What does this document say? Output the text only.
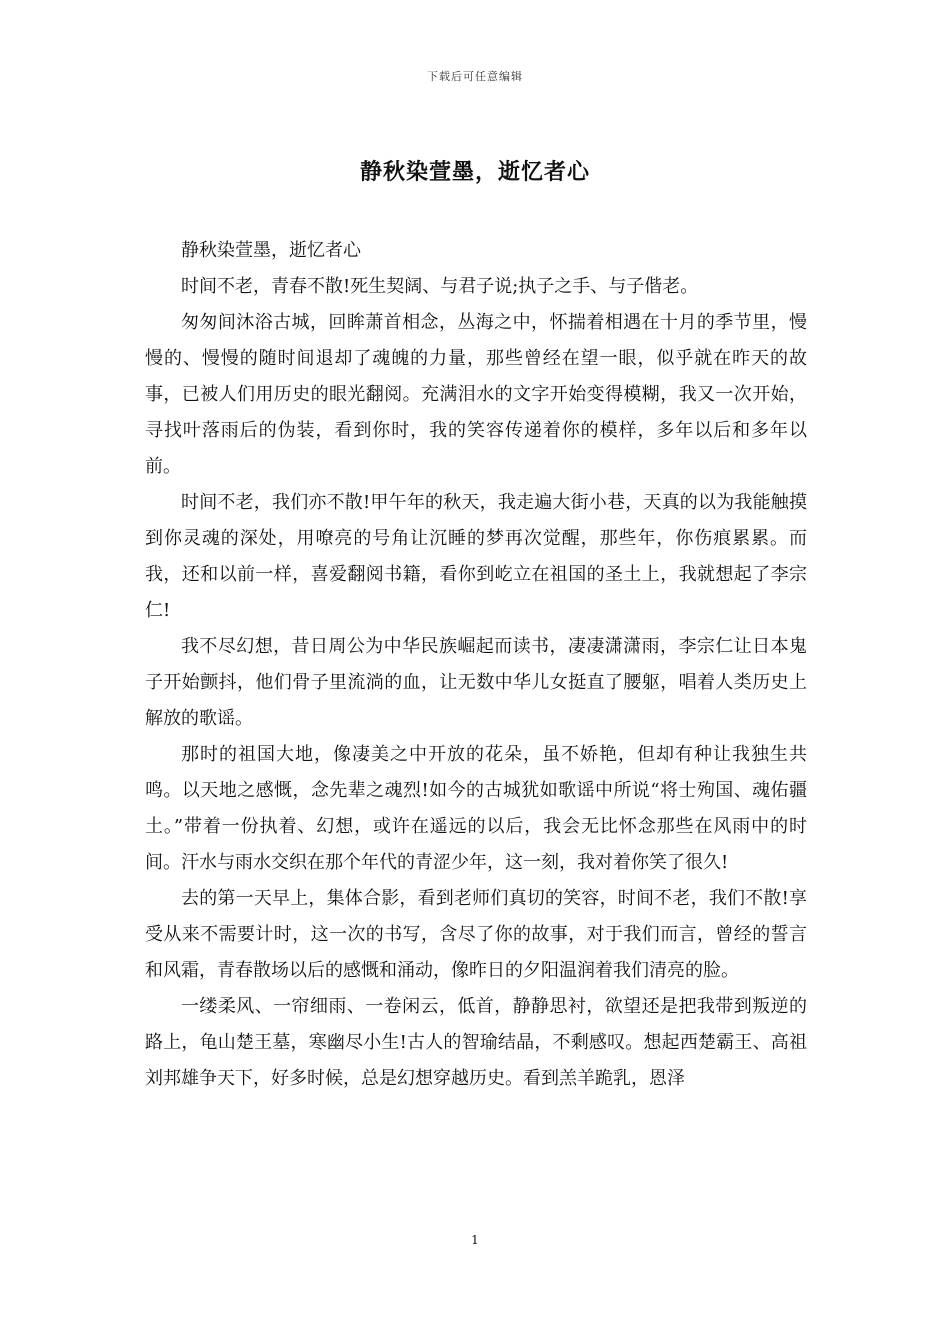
下载后可任意编辑
静秋染萱墨，逝忆者心

静秋染萱墨，逝忆者心

时间不老，青春不散!死生契阔、与君子说;执子之手、与子偕老。

匆匆间沐浴古城，回眸萧首相念，丛海之中，怀揣着相遇在十月的季节里，慢慢的、慢慢的随时间退却了魂魄的力量，那些曾经在望一眼，似乎就在昨天的故事，已被人们用历史的眼光翻阅。充满泪水的文字开始变得模糊，我又一次开始，寻找叶落雨后的伪装，看到你时，我的笑容传递着你的模样，多年以后和多年以前。

时间不老，我们亦不散!甲午年的秋天，我走遍大街小巷，天真的以为我能触摸到你灵魂的深处，用嘹亮的号角让沉睡的梦再次觉醒，那些年，你伤痕累累。而我，还和以前一样，喜爱翻阅书籍，看你到屹立在祖国的圣土上，我就想起了李宗仁!

我不尽幻想，昔日周公为中华民族崛起而读书，凄凄潇潇雨，李宗仁让日本鬼子开始颤抖，他们骨子里流淌的血，让无数中华儿女挺直了腰躯，唱着人类历史上解放的歌谣。

那时的祖国大地，像凄美之中开放的花朵，虽不娇艳，但却有种让我独生共鸣。以天地之感慨，念先辈之魂烈!如今的古城犹如歌谣中所说“将士殉国、魂佑疆土。”带着一份执着、幻想，或许在遥远的以后，我会无比怀念那些在风雨中的时间。汗水与雨水交织在那个年代的青涩少年，这一刻，我对着你笑了很久!

去的第一天早上，集体合影，看到老师们真切的笑容，时间不老，我们不散!享受从来不需要计时，这一次的书写，含尽了你的故事，对于我们而言，曾经的誓言和风霜，青春散场以后的感慨和涌动，像昨日的夕阳温润着我们清亮的脸。

一缕柔风、一帘细雨、一卷闲云，低首，静静思衬，欲望还是把我带到叛逆的路上，龟山楚王墓，寒幽尽小生!古人的智瑜结晶，不剩感叹。想起西楚霸王、高祖刘邦雄争天下，好多时候，总是幻想穿越历史。看到羔羊跪乳，恩泽

1
